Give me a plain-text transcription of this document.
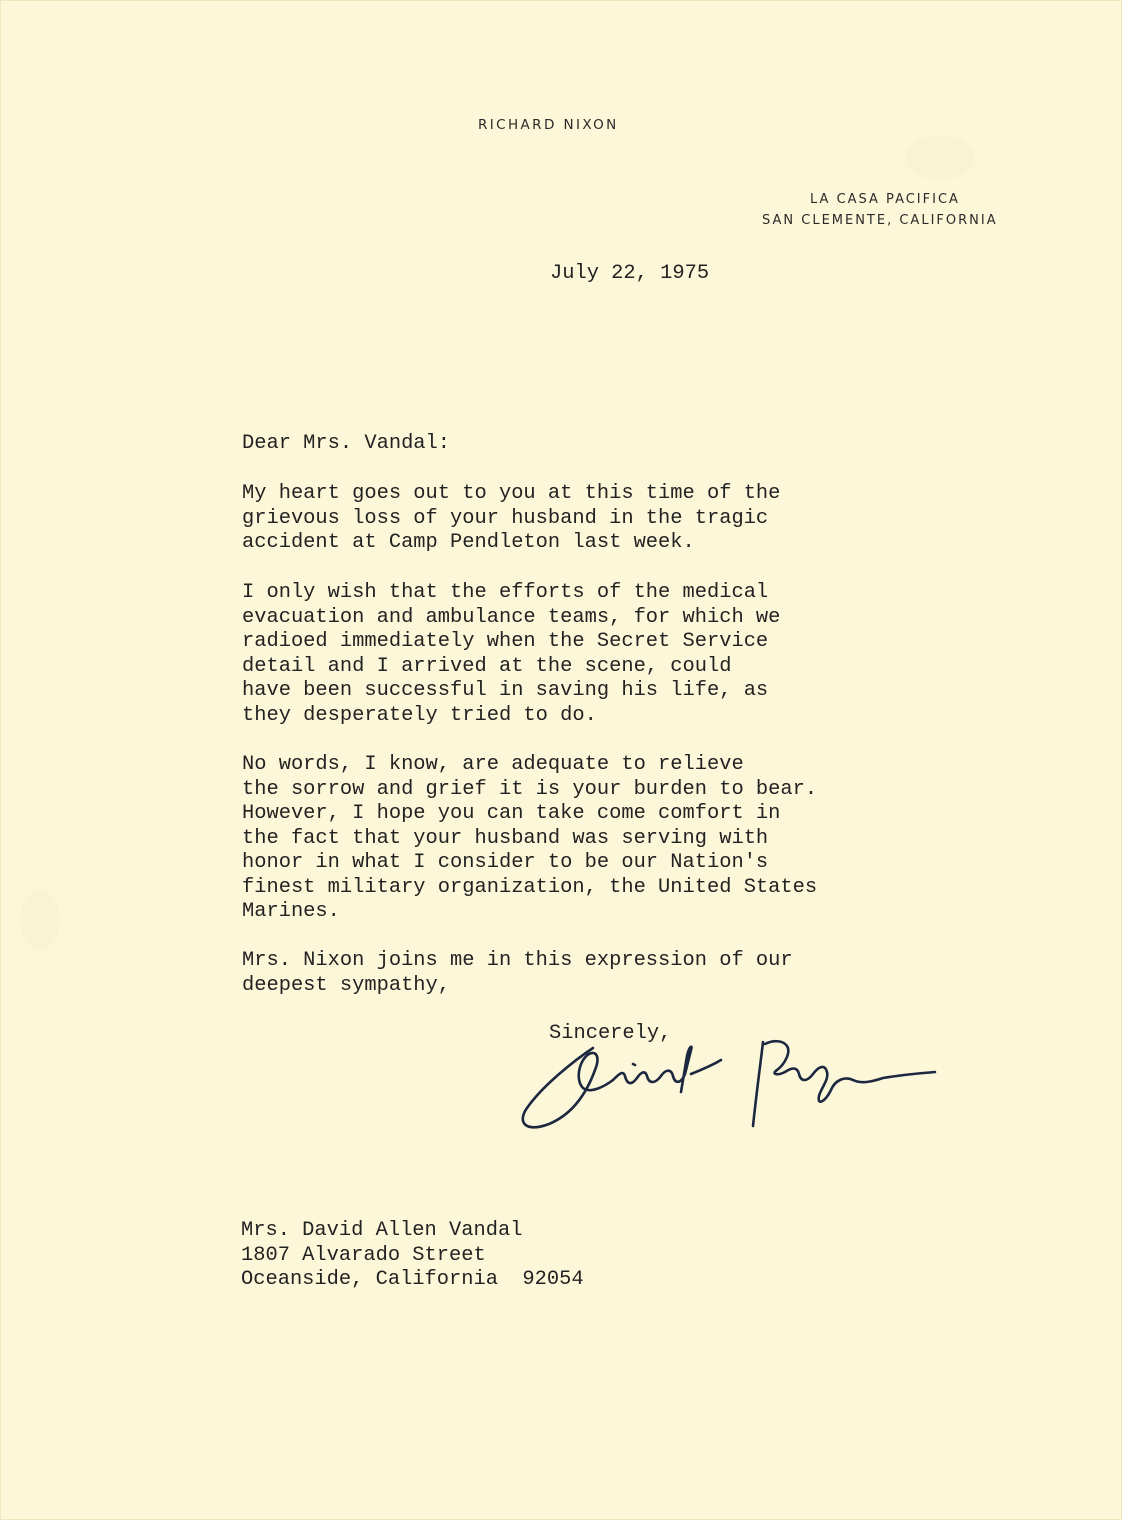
RICHARD NIXON
LA CASA PACIFICA
SAN CLEMENTE, CALIFORNIA
July 22, 1975
Dear Mrs. Vandal:
My heart goes out to you at this time of the
grievous loss of your husband in the tragic
accident at Camp Pendleton last week.
I only wish that the efforts of the medical
evacuation and ambulance teams, for which we
radioed immediately when the Secret Service
detail and I arrived at the scene, could
have been successful in saving his life, as
they desperately tried to do.
No words, I know, are adequate to relieve
the sorrow and grief it is your burden to bear.
However, I hope you can take come comfort in
the fact that your husband was serving with
honor in what I consider to be our Nation's
finest military organization, the United States
Marines.
Mrs. Nixon joins me in this expression of our
deepest sympathy,
Sincerely,
Mrs. David Allen Vandal
1807 Alvarado Street
Oceanside, California  92054
